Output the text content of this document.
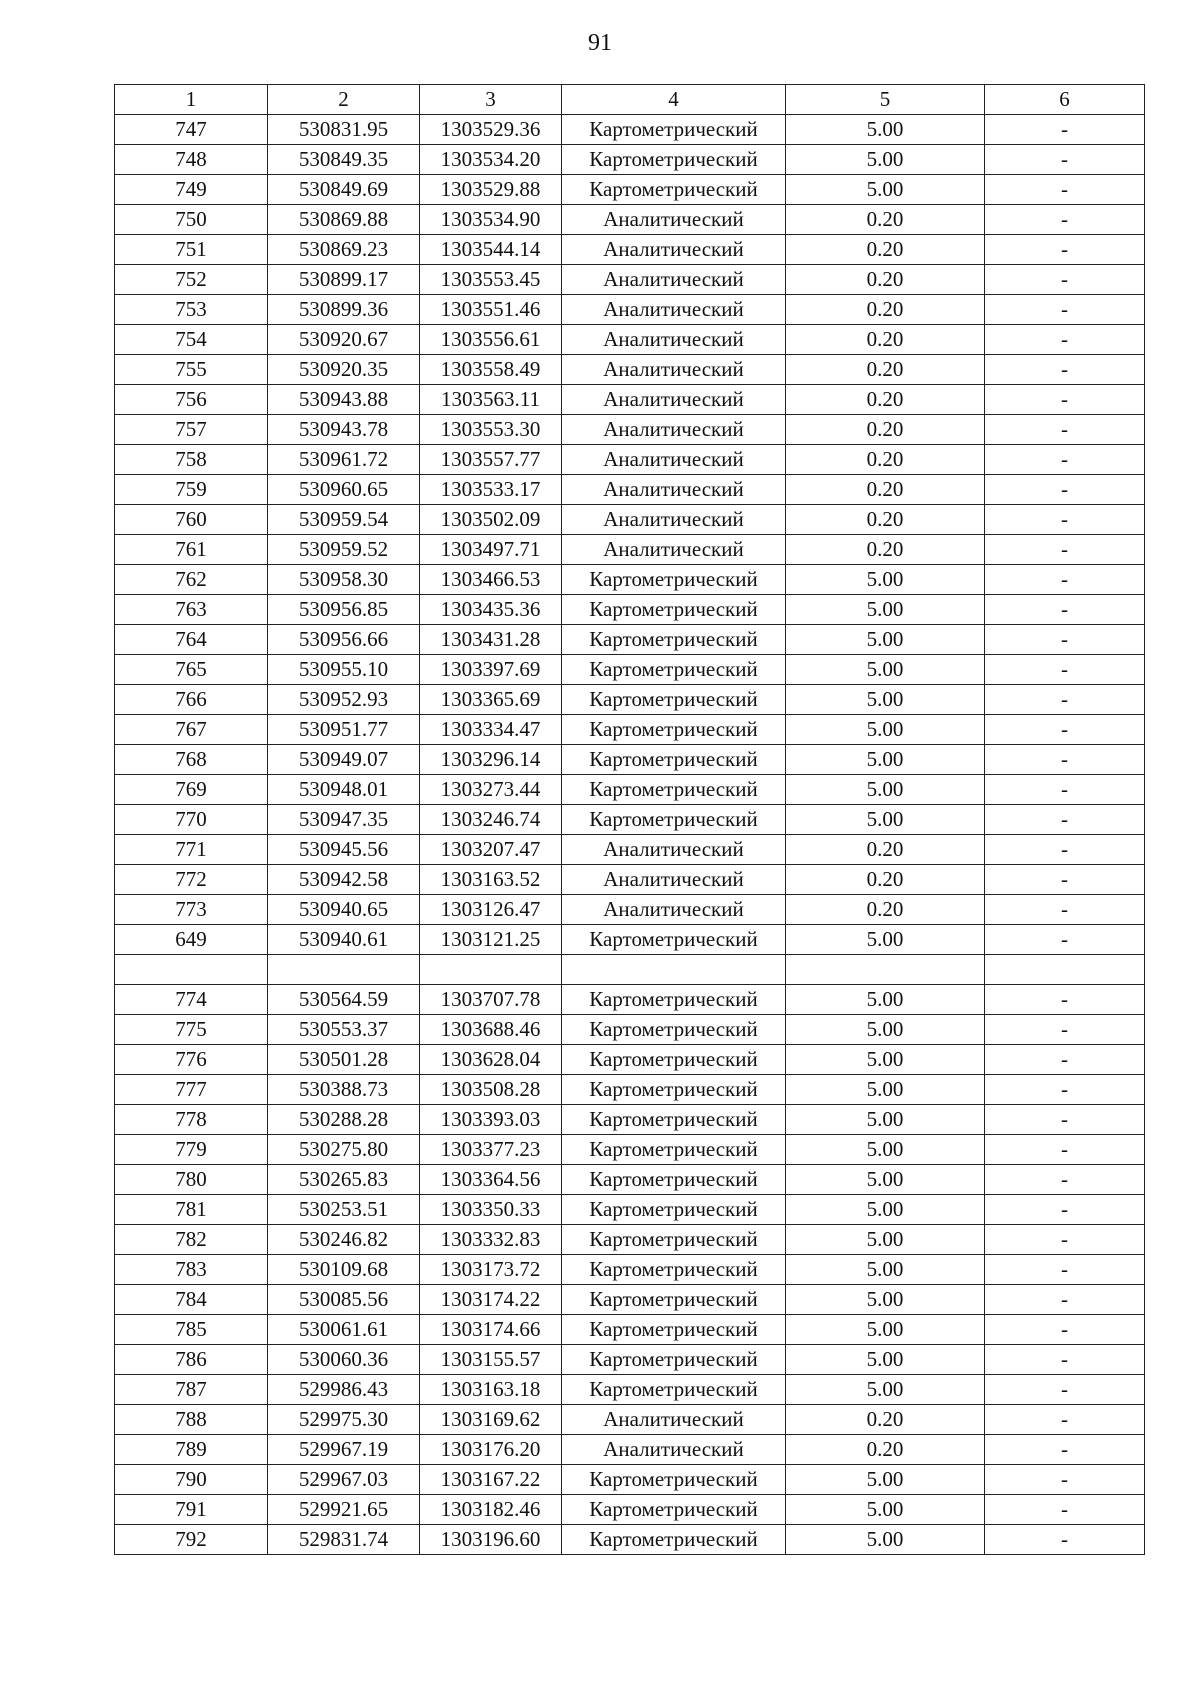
91
1	2	3	4	5	6
747	530831.95	1303529.36	Картометрический	5.00	-
748	530849.35	1303534.20	Картометрический	5.00	-
749	530849.69	1303529.88	Картометрический	5.00	-
750	530869.88	1303534.90	Аналитический	0.20	-
751	530869.23	1303544.14	Аналитический	0.20	-
752	530899.17	1303553.45	Аналитический	0.20	-
753	530899.36	1303551.46	Аналитический	0.20	-
754	530920.67	1303556.61	Аналитический	0.20	-
755	530920.35	1303558.49	Аналитический	0.20	-
756	530943.88	1303563.11	Аналитический	0.20	-
757	530943.78	1303553.30	Аналитический	0.20	-
758	530961.72	1303557.77	Аналитический	0.20	-
759	530960.65	1303533.17	Аналитический	0.20	-
760	530959.54	1303502.09	Аналитический	0.20	-
761	530959.52	1303497.71	Аналитический	0.20	-
762	530958.30	1303466.53	Картометрический	5.00	-
763	530956.85	1303435.36	Картометрический	5.00	-
764	530956.66	1303431.28	Картометрический	5.00	-
765	530955.10	1303397.69	Картометрический	5.00	-
766	530952.93	1303365.69	Картометрический	5.00	-
767	530951.77	1303334.47	Картометрический	5.00	-
768	530949.07	1303296.14	Картометрический	5.00	-
769	530948.01	1303273.44	Картометрический	5.00	-
770	530947.35	1303246.74	Картометрический	5.00	-
771	530945.56	1303207.47	Аналитический	0.20	-
772	530942.58	1303163.52	Аналитический	0.20	-
773	530940.65	1303126.47	Аналитический	0.20	-
649	530940.61	1303121.25	Картометрический	5.00	-

774	530564.59	1303707.78	Картометрический	5.00	-
775	530553.37	1303688.46	Картометрический	5.00	-
776	530501.28	1303628.04	Картометрический	5.00	-
777	530388.73	1303508.28	Картометрический	5.00	-
778	530288.28	1303393.03	Картометрический	5.00	-
779	530275.80	1303377.23	Картометрический	5.00	-
780	530265.83	1303364.56	Картометрический	5.00	-
781	530253.51	1303350.33	Картометрический	5.00	-
782	530246.82	1303332.83	Картометрический	5.00	-
783	530109.68	1303173.72	Картометрический	5.00	-
784	530085.56	1303174.22	Картометрический	5.00	-
785	530061.61	1303174.66	Картометрический	5.00	-
786	530060.36	1303155.57	Картометрический	5.00	-
787	529986.43	1303163.18	Картометрический	5.00	-
788	529975.30	1303169.62	Аналитический	0.20	-
789	529967.19	1303176.20	Аналитический	0.20	-
790	529967.03	1303167.22	Картометрический	5.00	-
791	529921.65	1303182.46	Картометрический	5.00	-
792	529831.74	1303196.60	Картометрический	5.00	-
